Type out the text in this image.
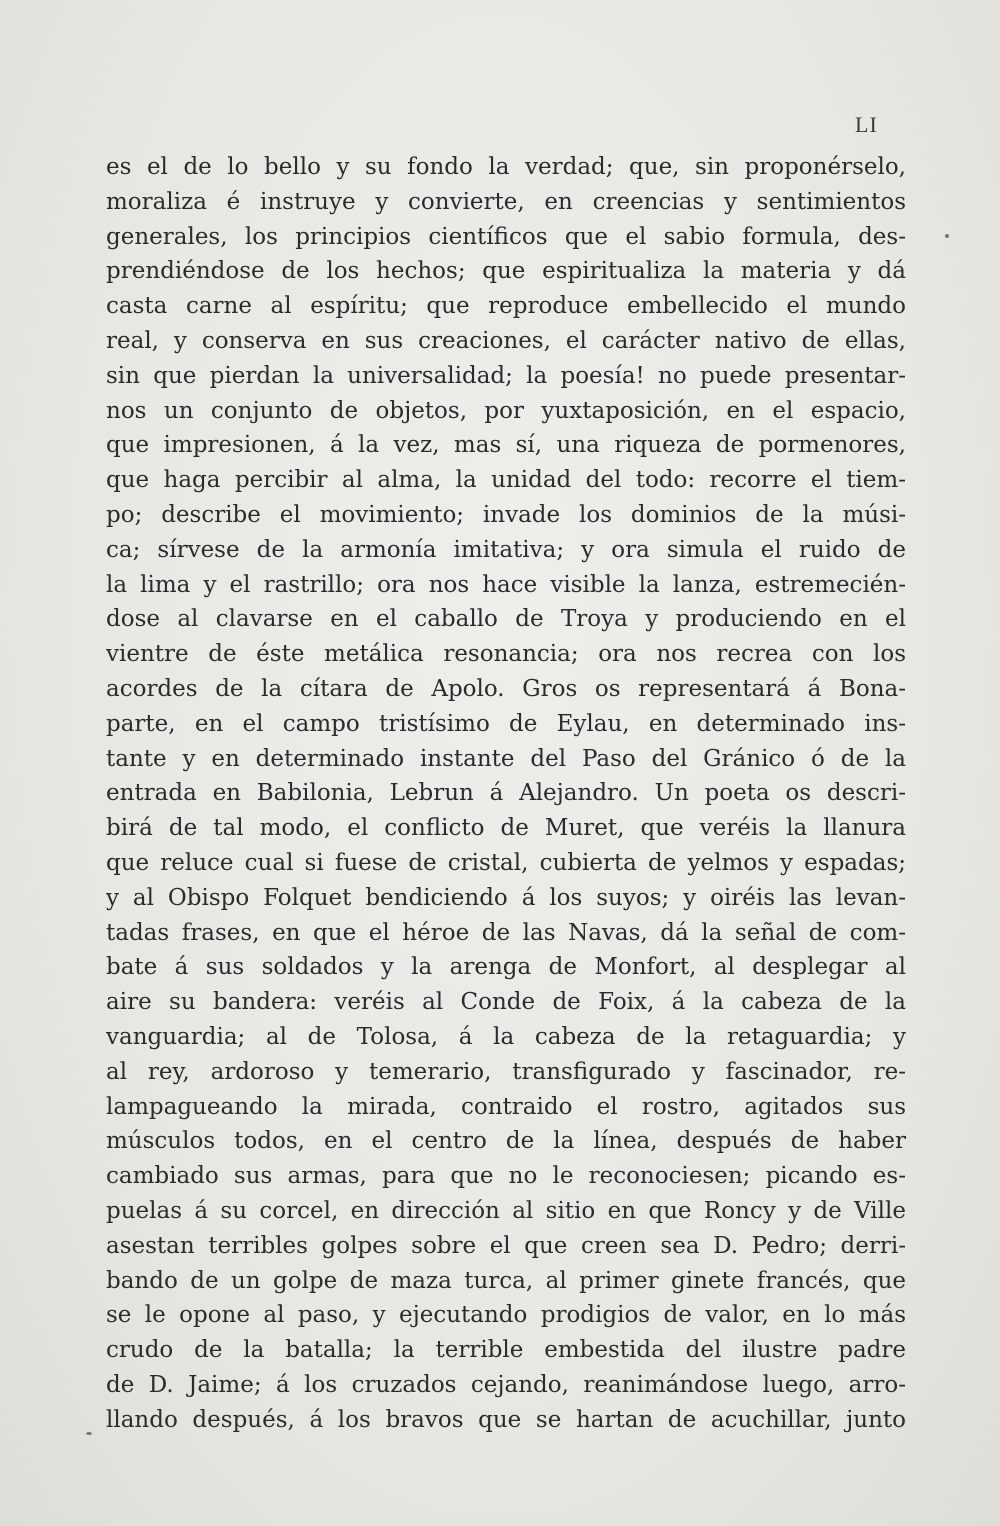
LI
es el de lo bello y su fondo la verdad; que, sin proponérselo,
moraliza é instruye y convierte, en creencias y sentimientos
generales, los principios científicos que el sabio formula, des-
prendiéndose de los hechos; que espiritualiza la materia y dá
casta carne al espíritu; que reproduce embellecido el mundo
real, y conserva en sus creaciones, el carácter nativo de ellas,
sin que pierdan la universalidad; la poesía! no puede presentar-
nos un conjunto de objetos, por yuxtaposición, en el espacio,
que impresionen, á la vez, mas sí, una riqueza de pormenores,
que haga percibir al alma, la unidad del todo: recorre el tiem-
po; describe el movimiento; invade los dominios de la músi-
ca; sírvese de la armonía imitativa; y ora simula el ruido de
la lima y el rastrillo; ora nos hace visible la lanza, estremecién-
dose al clavarse en el caballo de Troya y produciendo en el
vientre de éste metálica resonancia; ora nos recrea con los
acordes de la cítara de Apolo. Gros os representará á Bona-
parte, en el campo tristísimo de Eylau, en determinado ins-
tante y en determinado instante del Paso del Gránico ó de la
entrada en Babilonia, Lebrun á Alejandro. Un poeta os descri-
birá de tal modo, el conflicto de Muret, que veréis la llanura
que reluce cual si fuese de cristal, cubierta de yelmos y espadas;
y al Obispo Folquet bendiciendo á los suyos; y oiréis las levan-
tadas frases, en que el héroe de las Navas, dá la señal de com-
bate á sus soldados y la arenga de Monfort, al desplegar al
aire su bandera: veréis al Conde de Foix, á la cabeza de la
vanguardia; al de Tolosa, á la cabeza de la retaguardia; y
al rey, ardoroso y temerario, transfigurado y fascinador, re-
lampagueando la mirada, contraido el rostro, agitados sus
músculos todos, en el centro de la línea, después de haber
cambiado sus armas, para que no le reconociesen; picando es-
puelas á su corcel, en dirección al sitio en que Roncy y de Ville
asestan terribles golpes sobre el que creen sea D. Pedro; derri-
bando de un golpe de maza turca, al primer ginete francés, que
se le opone al paso, y ejecutando prodigios de valor, en lo más
crudo de la batalla; la terrible embestida del ilustre padre
de D. Jaime; á los cruzados cejando, reanimándose luego, arro-
llando después, á los bravos que se hartan de acuchillar, junto
